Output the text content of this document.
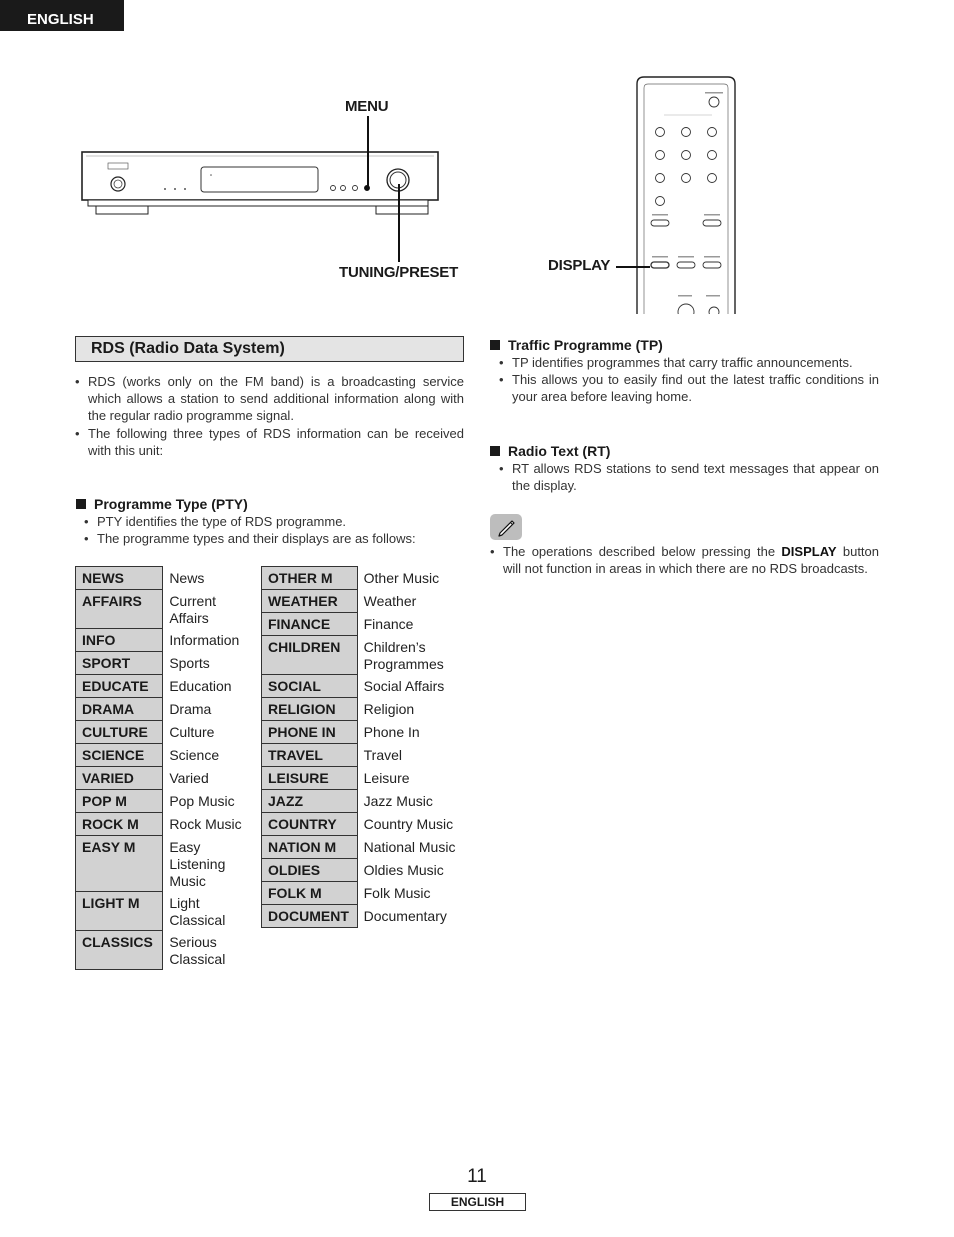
ENGLISH
MENU
TUNING/PRESET	DISPLAY
RDS (Radio Data System)
• RDS (works only on the FM band) is a broadcasting service which allows a station to send additional information along with the regular radio programme signal.
• The following three types of RDS information can be received with this unit:
Programme Type (PTY)
• PTY identifies the type of RDS programme.
• The programme types and their displays are as follows:
NEWS	News
AFFAIRS	Current Affairs
INFO	Information
SPORT	Sports
EDUCATE	Education
DRAMA	Drama
CULTURE	Culture
SCIENCE	Science
VARIED	Varied
POP M	Pop Music
ROCK M	Rock Music
EASY M	Easy Listening Music
LIGHT M	Light Classical
CLASSICS	Serious Classical
OTHER M	Other Music
WEATHER	Weather
FINANCE	Finance
CHILDREN	Children’s Programmes
SOCIAL	Social Affairs
RELIGION	Religion
PHONE IN	Phone In
TRAVEL	Travel
LEISURE	Leisure
JAZZ	Jazz Music
COUNTRY	Country Music
NATION M	National Music
OLDIES	Oldies Music
FOLK M	Folk Music
DOCUMENT	Documentary
Traffic Programme (TP)
• TP identifies programmes that carry traffic announcements.
• This allows you to easily find out the latest traffic conditions in your area before leaving home.
Radio Text (RT)
• RT allows RDS stations to send text messages that appear on the display.
• The operations described below pressing the DISPLAY button will not function in areas in which there are no RDS broadcasts.
11
ENGLISH
